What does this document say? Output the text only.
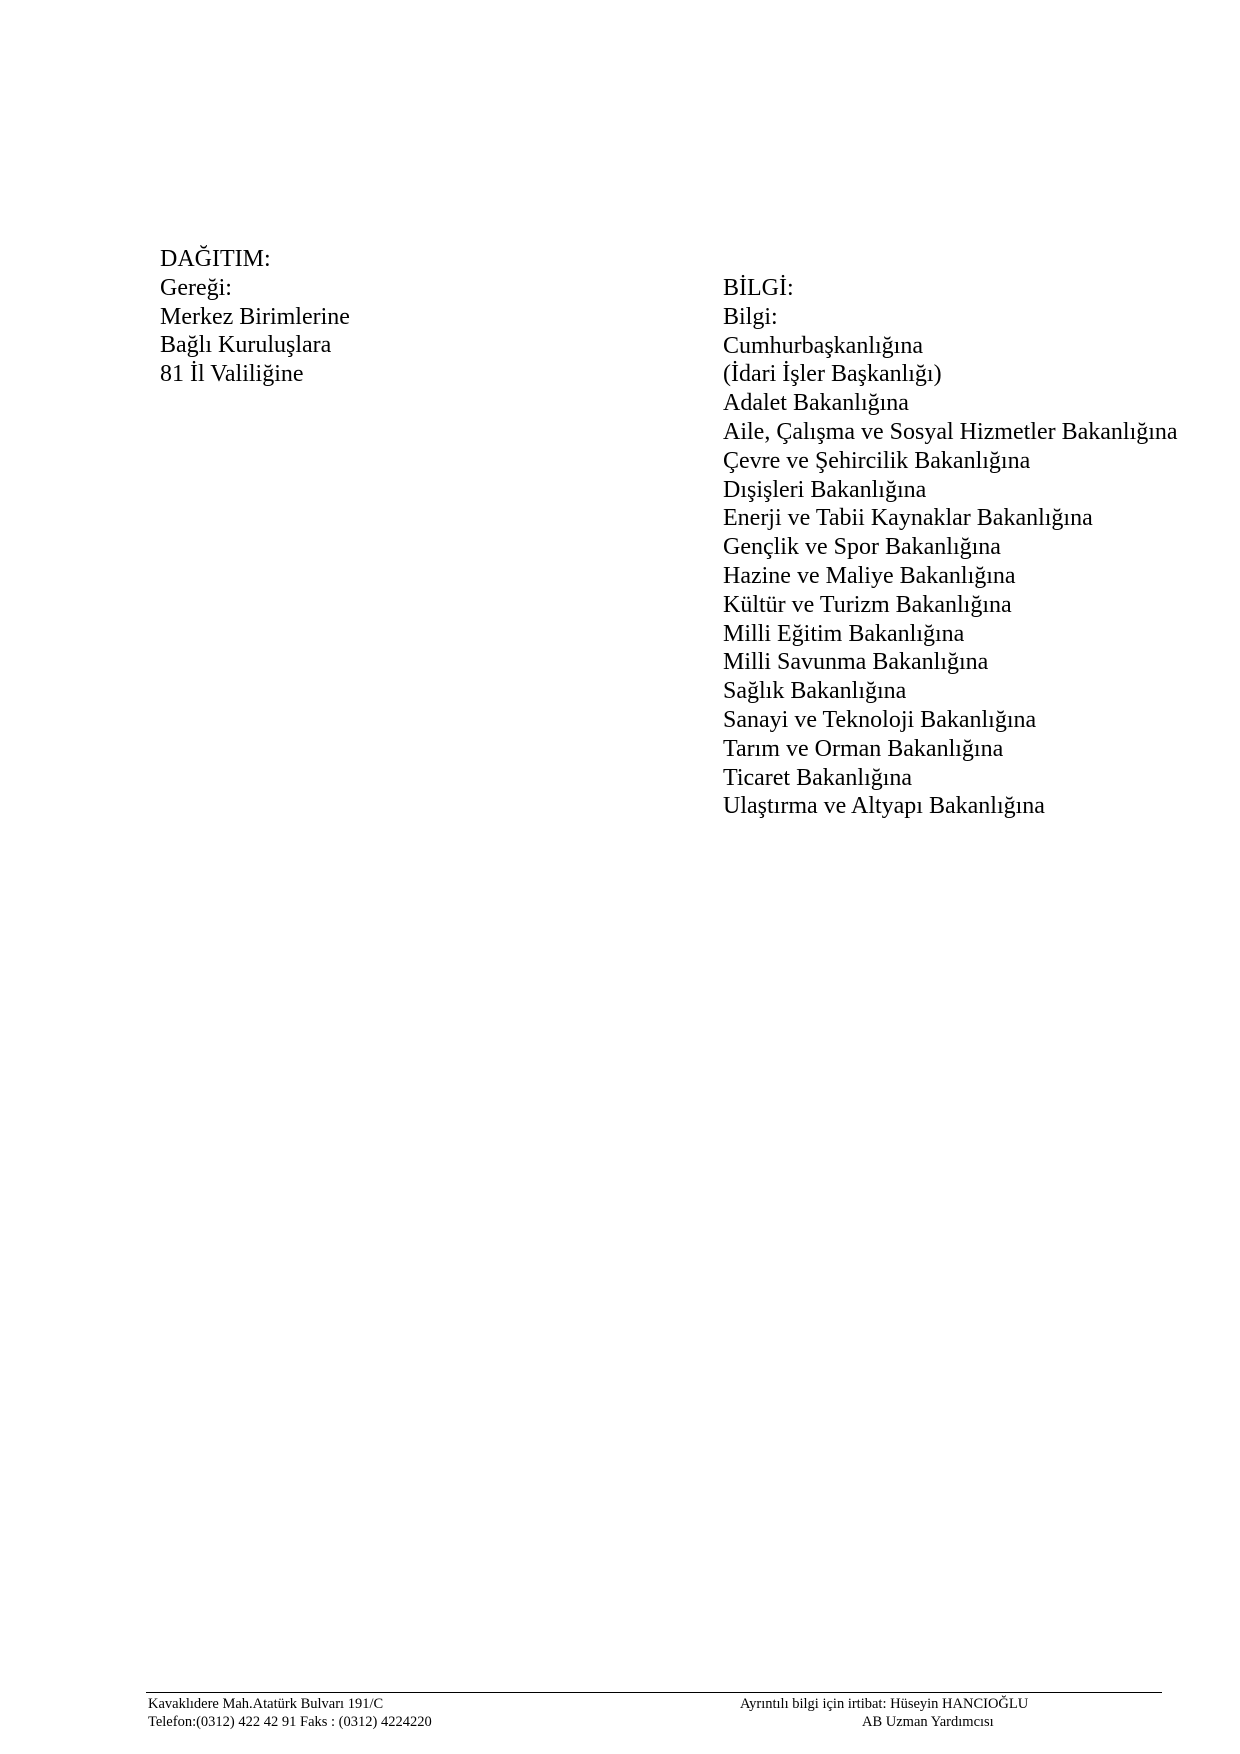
DAĞITIM:
Gereği:
Merkez Birimlerine
Bağlı Kuruluşlara
81 İl Valiliğine
BİLGİ:
Bilgi:
Cumhurbaşkanlığına
(İdari İşler Başkanlığı)
Adalet Bakanlığına
Aile, Çalışma ve Sosyal Hizmetler Bakanlığına
Çevre ve Şehircilik Bakanlığına
Dışişleri Bakanlığına
Enerji ve Tabii Kaynaklar Bakanlığına
Gençlik ve Spor Bakanlığına
Hazine ve Maliye Bakanlığına
Kültür ve Turizm Bakanlığına
Milli Eğitim Bakanlığına
Milli Savunma Bakanlığına
Sağlık Bakanlığına
Sanayi ve Teknoloji Bakanlığına
Tarım ve Orman Bakanlığına
Ticaret Bakanlığına
Ulaştırma ve Altyapı Bakanlığına
Kavaklıdere Mah.Atatürk Bulvarı 191/C
Telefon:(0312) 422 42 91 Faks : (0312) 4224220
Ayrıntılı bilgi için irtibat: Hüseyin HANCIOĞLU
AB Uzman Yardımcısı
